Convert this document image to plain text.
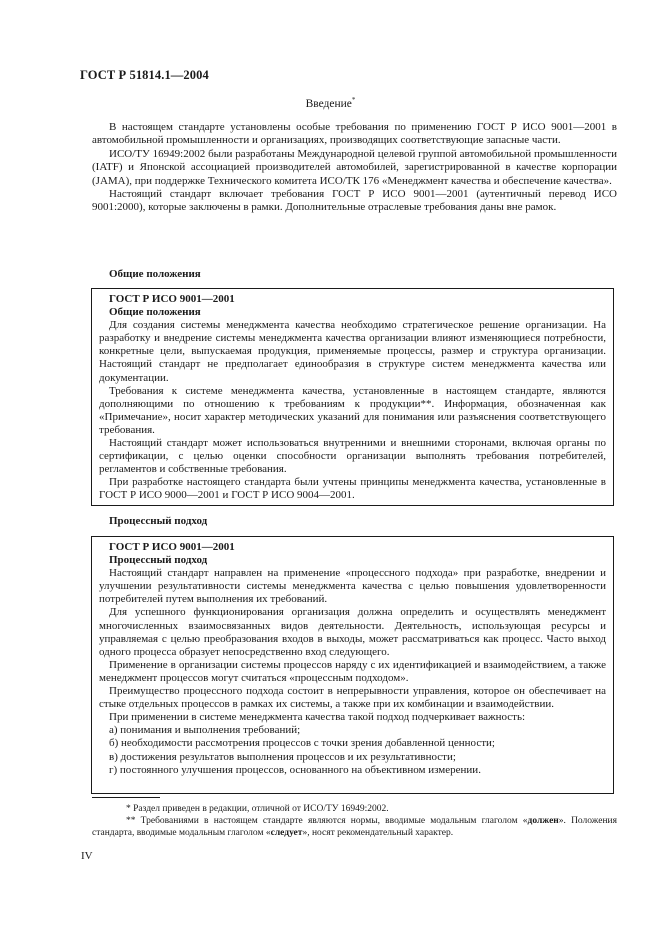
ГОСТ Р 51814.1—2004
Введение*

В настоящем стандарте установлены особые требования по применению ГОСТ Р ИСО 9001—2001 в автомобильной промышленности и организациях, производящих соответствующие запасные части.

ИСО/ТУ 16949:2002 были разработаны Международной целевой группой автомобильной промышленности (IATF) и Японской ассоциацией производителей автомобилей, зарегистрированной в качестве корпорации (JAMA), при поддержке Технического комитета ИСО/ТК 176 «Менеджмент качества и обеспечение качества».

Настоящий стандарт включает требования ГОСТ Р ИСО 9001—2001 (аутентичный перевод ИСО 9001:2000), которые заключены в рамки. Дополнительные отраслевые требования даны вне рамок.

Общие положения
ГОСТ Р ИСО 9001—2001
Общие положения

Для создания системы менеджмента качества необходимо стратегическое решение организации. На разработку и внедрение системы менеджмента качества организации влияют изменяющиеся потребности, конкретные цели, выпускаемая продукция, применяемые процессы, размер и структура организации. Настоящий стандарт не предполагает единообразия в структуре систем менеджмента качества или документации.

Требования к системе менеджмента качества, установленные в настоящем стандарте, являются дополняющими по отношению к требованиям к продукции**. Информация, обозначенная как «Примечание», носит характер методических указаний для понимания или разъяснения соответствующего требования.

Настоящий стандарт может использоваться внутренними и внешними сторонами, включая органы по сертификации, с целью оценки способности организации выполнять требования потребителей, регламентов и собственные требования.

При разработке настоящего стандарта были учтены принципы менеджмента качества, установленные в ГОСТ Р ИСО 9000—2001 и ГОСТ Р ИСО 9004—2001.

Процессный подход
ГОСТ Р ИСО 9001—2001
Процессный подход

Настоящий стандарт направлен на применение «процессного подхода» при разработке, внедрении и улучшении результативности системы менеджмента качества с целью повышения удовлетворенности потребителей путем выполнения их требований.

Для успешного функционирования организация должна определить и осуществлять менеджмент многочисленных взаимосвязанных видов деятельности. Деятельность, использующая ресурсы и управляемая с целью преобразования входов в выходы, может рассматриваться как процесс. Часто выход одного процесса образует непосредственно вход следующего.

Применение в организации системы процессов наряду с их идентификацией и взаимодействием, а также менеджмент процессов могут считаться «процессным подходом».

Преимущество процессного подхода состоит в непрерывности управления, которое он обеспечивает на стыке отдельных процессов в рамках их системы, а также при их комбинации и взаимодействии.

При применении в системе менеджмента качества такой подход подчеркивает важность:

а) понимания и выполнения требований;
б) необходимости рассмотрения процессов с точки зрения добавленной ценности;
в) достижения результатов выполнения процессов и их результативности;
г) постоянного улучшения процессов, основанного на объективном измерении.

* Раздел приведен в редакции, отличной от ИСО/ТУ 16949:2002.

** Требованиями в настоящем стандарте являются нормы, вводимые модальным глаголом «должен». Положения стандарта, вводимые модальным глаголом «следует», носят рекомендательный характер.

IV
